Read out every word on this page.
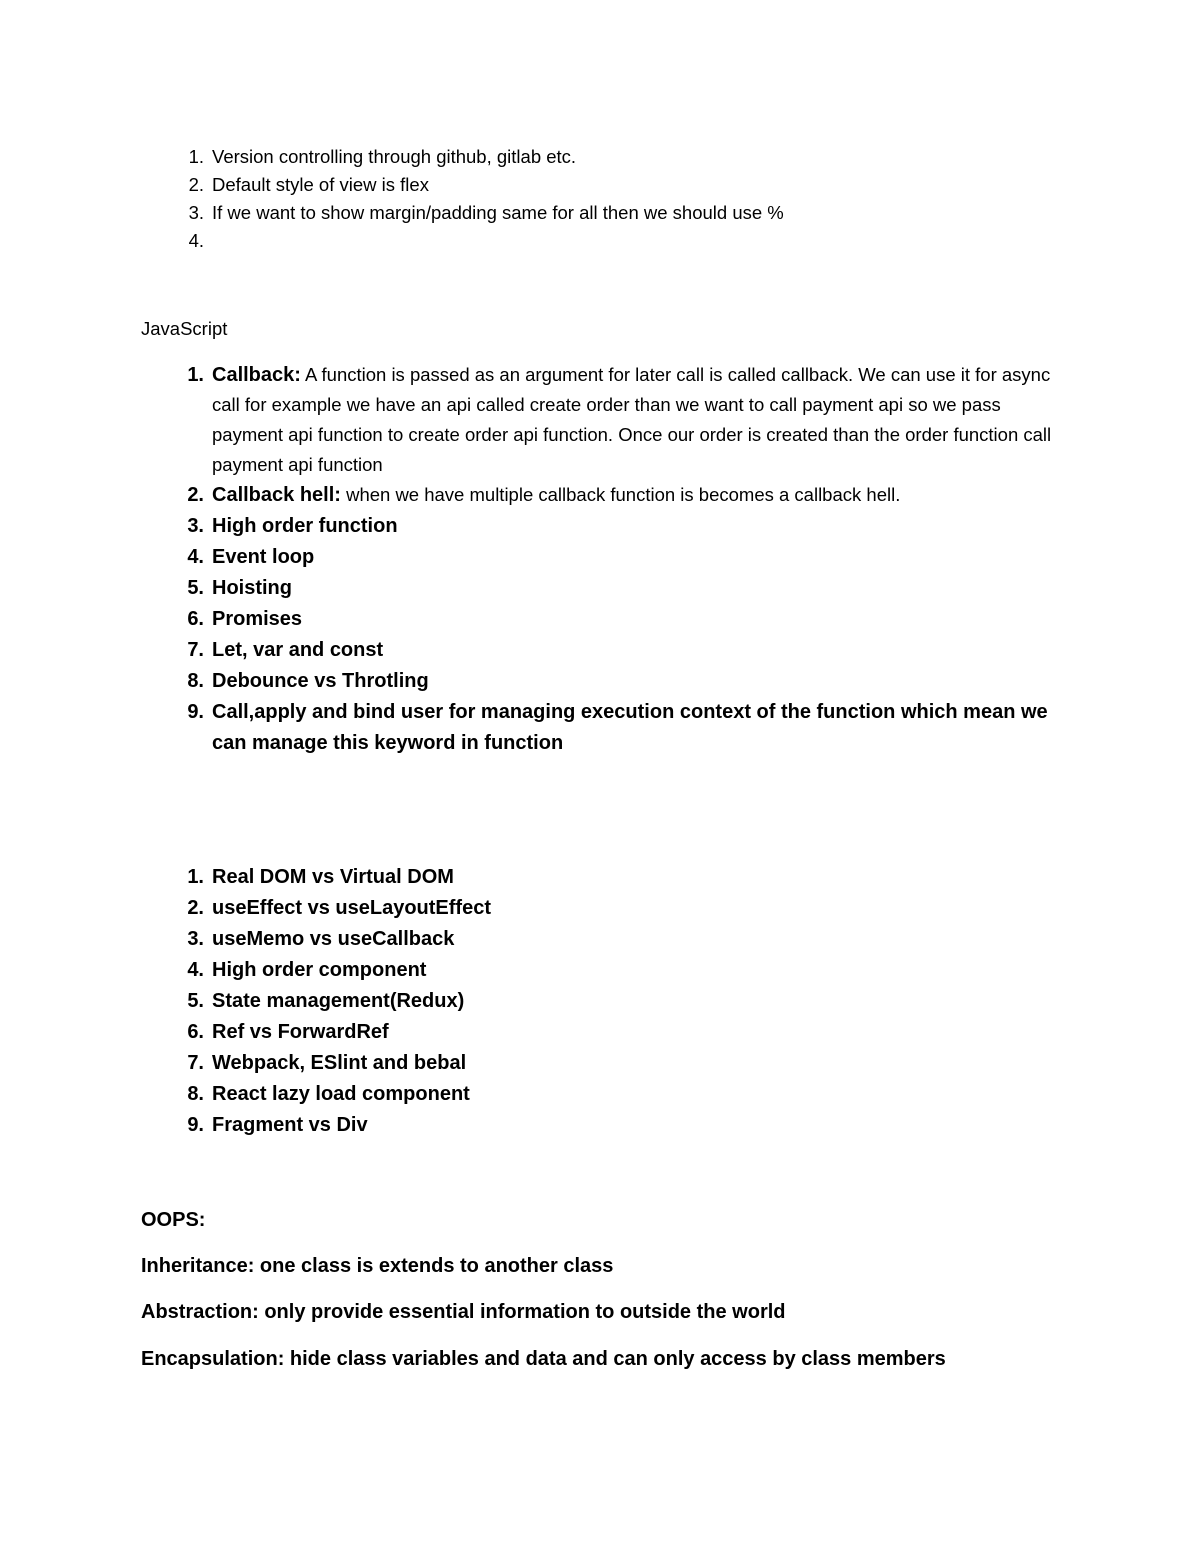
1. Version controlling through github, gitlab etc.
2. Default style of view is flex
3. If we want to show margin/padding same for all then we should use %
4.
JavaScript
1. Callback: A function is passed as an argument for later call is called callback. We can use it for async call for example we have an api called create order than we want to call payment api so we pass payment api function to create order api function. Once our order is created than the order function call payment api function
2. Callback hell: when we have multiple callback function is becomes a callback hell.
3. High order function
4. Event loop
5. Hoisting
6. Promises
7. Let, var and const
8. Debounce vs Throtling
9. Call,apply and bind user for managing execution context of the function which mean we can manage this keyword in function
1. Real DOM vs Virtual DOM
2. useEffect vs useLayoutEffect
3. useMemo vs useCallback
4. High order component
5. State management(Redux)
6. Ref vs ForwardRef
7. Webpack, ESlint and bebal
8. React lazy load component
9. Fragment vs Div
OOPS:
Inheritance: one class is extends to another class
Abstraction: only provide essential information to outside the world
Encapsulation: hide class variables and data and can only access by class members
